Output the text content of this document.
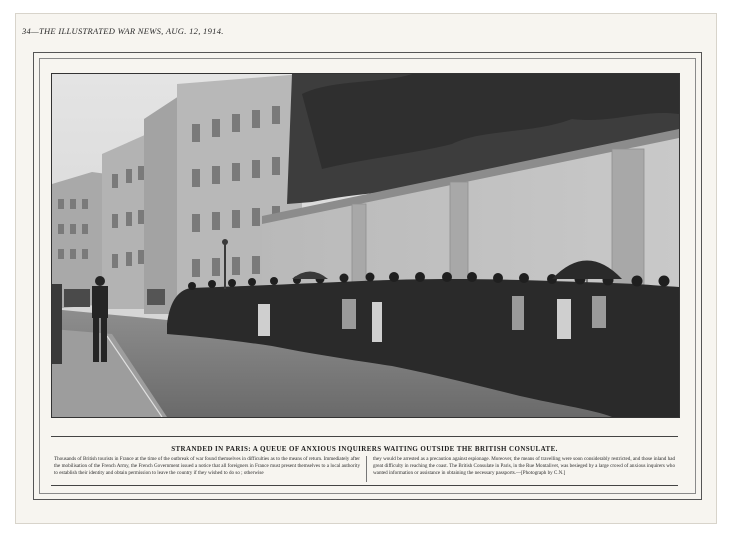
34—THE ILLUSTRATED WAR NEWS, AUG. 12, 1914.
STRANDED IN PARIS: A QUEUE OF ANXIOUS INQUIRERS WAITING OUTSIDE THE BRITISH CONSULATE.
Thousands of British tourists in France at the time of the outbreak of war found themselves in difficulties as to the means of return. Immediately after the mobilisation of the French Army, the French Government issued a notice that all foreigners in France must present themselves to a local authority to establish their identity and obtain permission to leave the country if they wished to do so ; otherwise
they would be arrested as a precaution against espionage. Moreover, the means of travelling were soon considerably restricted, and those inland had great difficulty in reaching the coast. The British Consulate in Paris, in the Rue Montalivet, was besieged by a large crowd of anxious inquirers who wanted information or assistance in obtaining the necessary passports.—[Photograph by C.N.]
